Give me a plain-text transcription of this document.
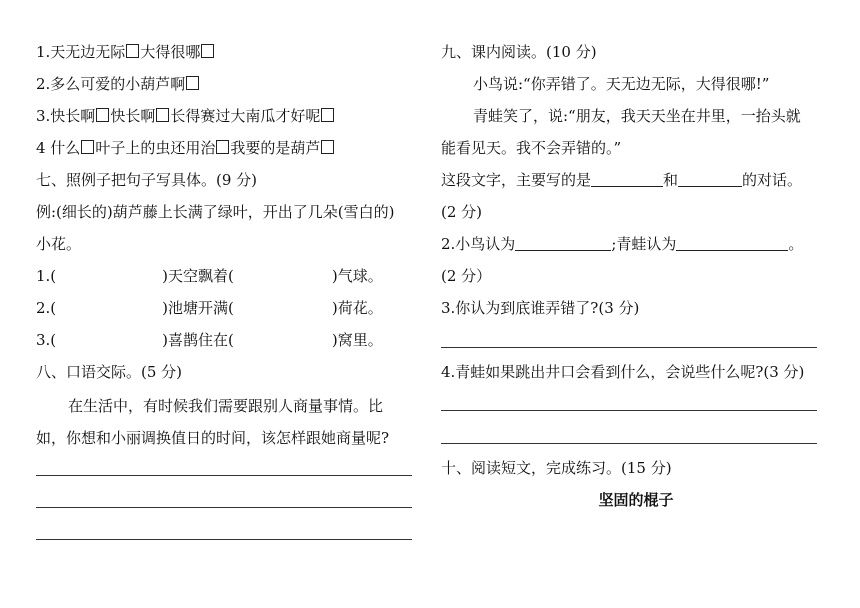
1.天无边无际 大得很哪
2.多么可爱的小葫芦啊
3.快长啊 快长啊 长得赛过大南瓜才好呢
4 什么 叶子上的虫还用治 我要的是葫芦
七、照例子把句子写具体。(9 分)
例:(细长的)葫芦藤上长满了绿叶，开出了几朵(雪白的)
小花。
1.(	)天空飘着(	)气球。
2.(	)池塘开满(	)荷花。
3.(	)喜鹊住在(	)窝里。
八、口语交际。(5 分)
在生活中，有时候我们需要跟别人商量事情。比
如，你想和小丽调换值日的时间，该怎样跟她商量呢?
九、课内阅读。(10 分)
小鸟说:“你弄错了。天无边无际，大得很哪!”
青蛙笑了，说:“朋友，我天天坐在井里，一抬头就
能看见天。我不会弄错的。”
这段文字，主要写的是	和	的对话。
(2 分)
2.小鸟认为	;青蛙认为	。
(2 分）
3.你认为到底谁弄错了?(3 分)
4.青蛙如果跳出井口会看到什么，会说些什么呢?(3 分)
十、阅读短文，完成练习。(15 分)
坚固的棍子
